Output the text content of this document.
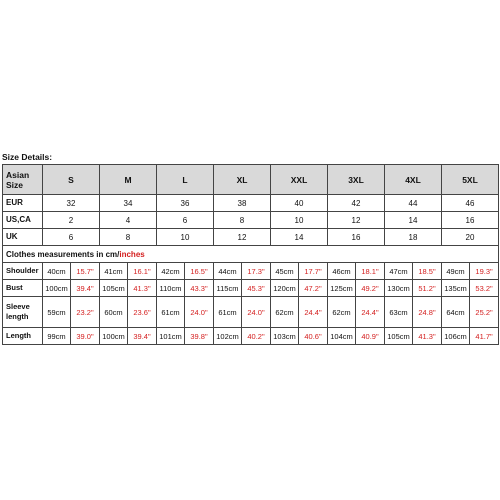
Size Details:
Asian Size	S	M	L	XL	XXL	3XL	4XL	5XL
EUR	32	34	36	38	40	42	44	46
US,CA	2	4	6	8	10	12	14	16
UK	6	8	10	12	14	16	18	20
Clothes measurements in cm/inches																
Shoulder	40cm	15.7"	41cm	16.1"	42cm	16.5"	44cm	17.3"	45cm	17.7"	46cm	18.1"	47cm	18.5"	49cm	19.3"
Bust	100cm	39.4"	105cm	41.3"	110cm	43.3"	115cm	45.3"	120cm	47.2"	125cm	49.2"	130cm	51.2"	135cm	53.2"
Sleeve length	59cm	23.2"	60cm	23.6"	61cm	24.0"	61cm	24.0"	62cm	24.4"	62cm	24.4"	63cm	24.8"	64cm	25.2"
Length	99cm	39.0"	100cm	39.4"	101cm	39.8"	102cm	40.2"	103cm	40.6"	104cm	40.9"	105cm	41.3"	106cm	41.7"
